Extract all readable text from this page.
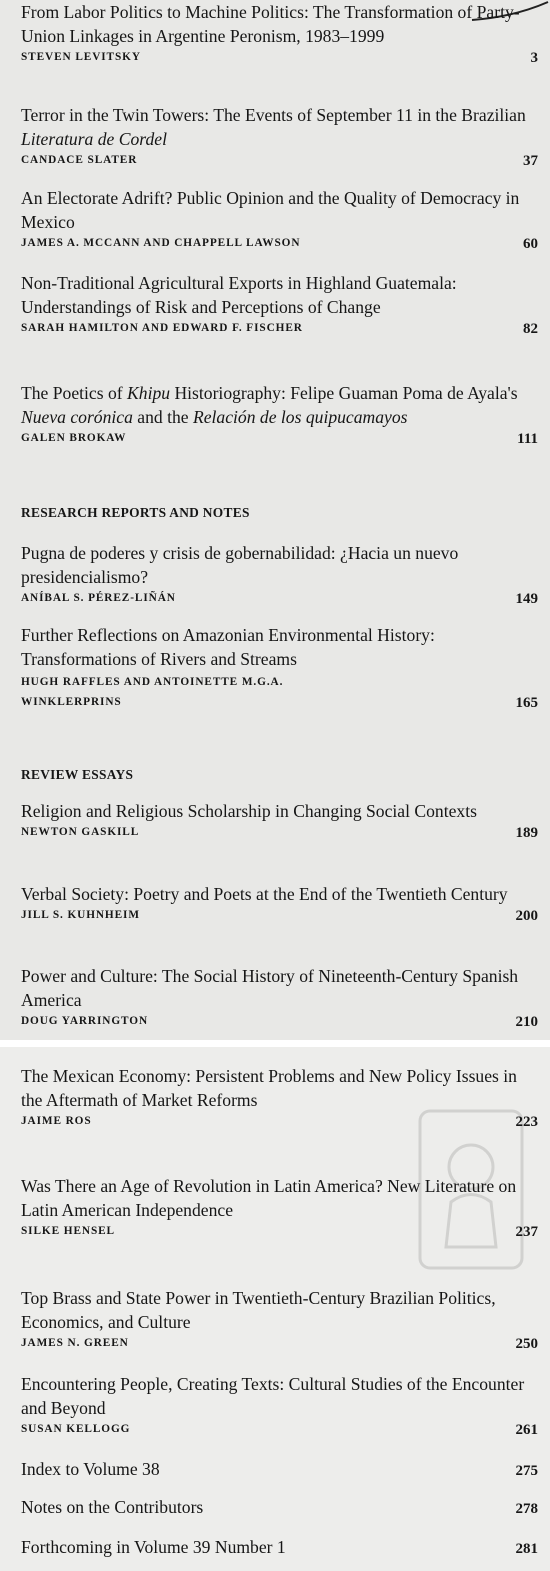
From Labor Politics to Machine Politics: The Transformation of Party-Union Linkages in Argentine Peronism, 1983–1999

STEVEN LEVITSKY	3

Terror in the Twin Towers: The Events of September 11 in the Brazilian Literatura de Cordel

CANDACE SLATER	37

An Electorate Adrift? Public Opinion and the Quality of Democracy in Mexico

JAMES A. MCCANN AND CHAPPELL LAWSON	60

Non-Traditional Agricultural Exports in Highland Guatemala: Understandings of Risk and Perceptions of Change

SARAH HAMILTON AND EDWARD F. FISCHER	82

The Poetics of Khipu Historiography: Felipe Guaman Poma de Ayala's Nueva corónica and the Relación de los quipucamayos

GALEN BROKAW	111
RESEARCH REPORTS AND NOTES

Pugna de poderes y crisis de gobernabilidad: ¿Hacia un nuevo presidencialismo?

ANÍBAL S. PÉREZ-LIÑÁN	149

Further Reflections on Amazonian Environmental History: Transformations of Rivers and Streams

HUGH RAFFLES AND ANTOINETTE M.G.A.
WINKLERPRINS	165
REVIEW ESSAYS

Religion and Religious Scholarship in Changing Social Contexts

NEWTON GASKILL	189

Verbal Society: Poetry and Poets at the End of the Twentieth Century

JILL S. KUHNHEIM	200

Power and Culture: The Social History of Nineteenth-Century Spanish America

DOUG YARRINGTON	210

The Mexican Economy: Persistent Problems and New Policy Issues in the Aftermath of Market Reforms

JAIME ROS	223

Was There an Age of Revolution in Latin America? New Literature on Latin American Independence

SILKE HENSEL	237

Top Brass and State Power in Twentieth-Century Brazilian Politics, Economics, and Culture

JAMES N. GREEN	250

Encountering People, Creating Texts: Cultural Studies of the Encounter and Beyond

SUSAN KELLOGG	261
Index to Volume 38	275
Notes on the Contributors	278
Forthcoming in Volume 39 Number 1	281
